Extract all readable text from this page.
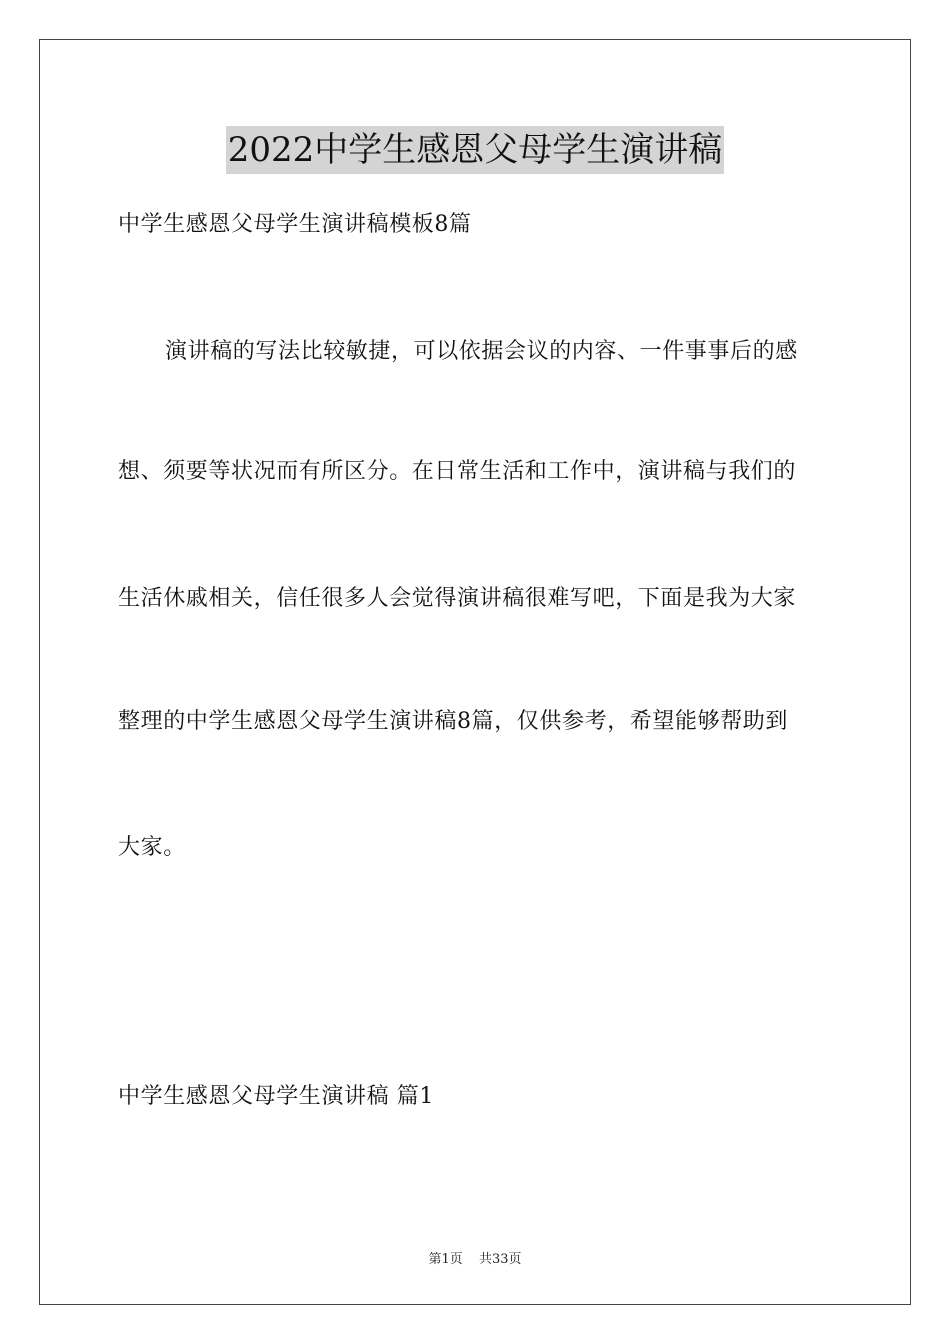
2022中学生感恩父母学生演讲稿
中学生感恩父母学生演讲稿模板8篇
演讲稿的写法比较敏捷，可以依据会议的内容、一件事事后的感
想、须要等状况而有所区分。在日常生活和工作中，演讲稿与我们的
生活休戚相关，信任很多人会觉得演讲稿很难写吧，下面是我为大家
整理的中学生感恩父母学生演讲稿8篇，仅供参考，希望能够帮助到
大家。
中学生感恩父母学生演讲稿 篇1
第1页 共33页
